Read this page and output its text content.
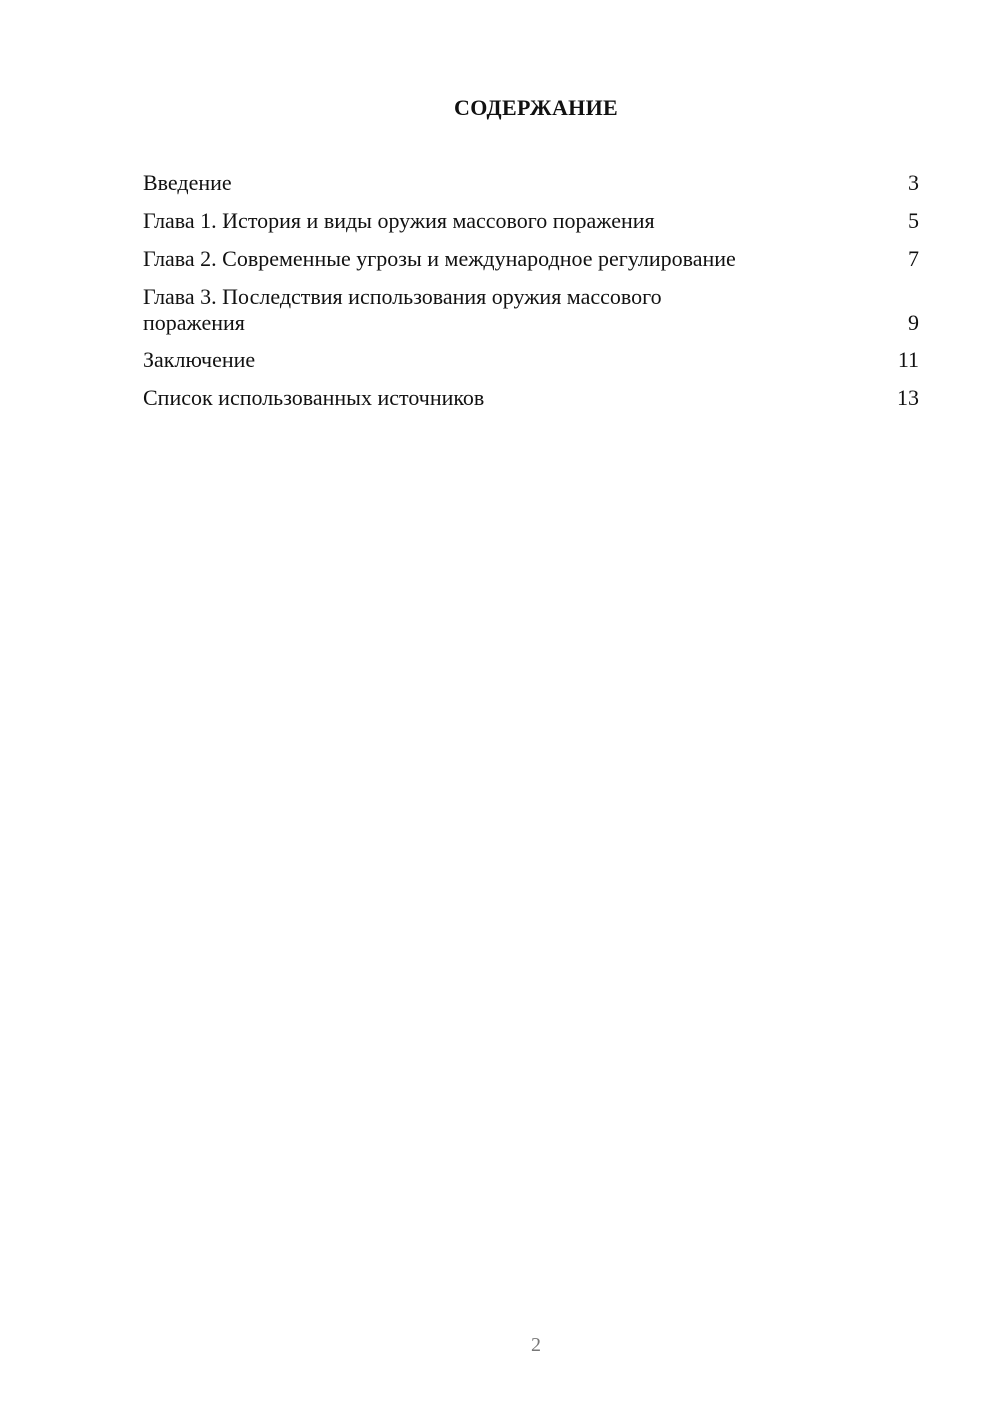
СОДЕРЖАНИЕ
Введение	3
Глава 1. История и виды оружия массового поражения	5
Глава 2. Современные угрозы и международное регулирование	7
Глава 3. Последствия использования оружия массового поражения	9
Заключение	11
Список использованных источников	13
2
